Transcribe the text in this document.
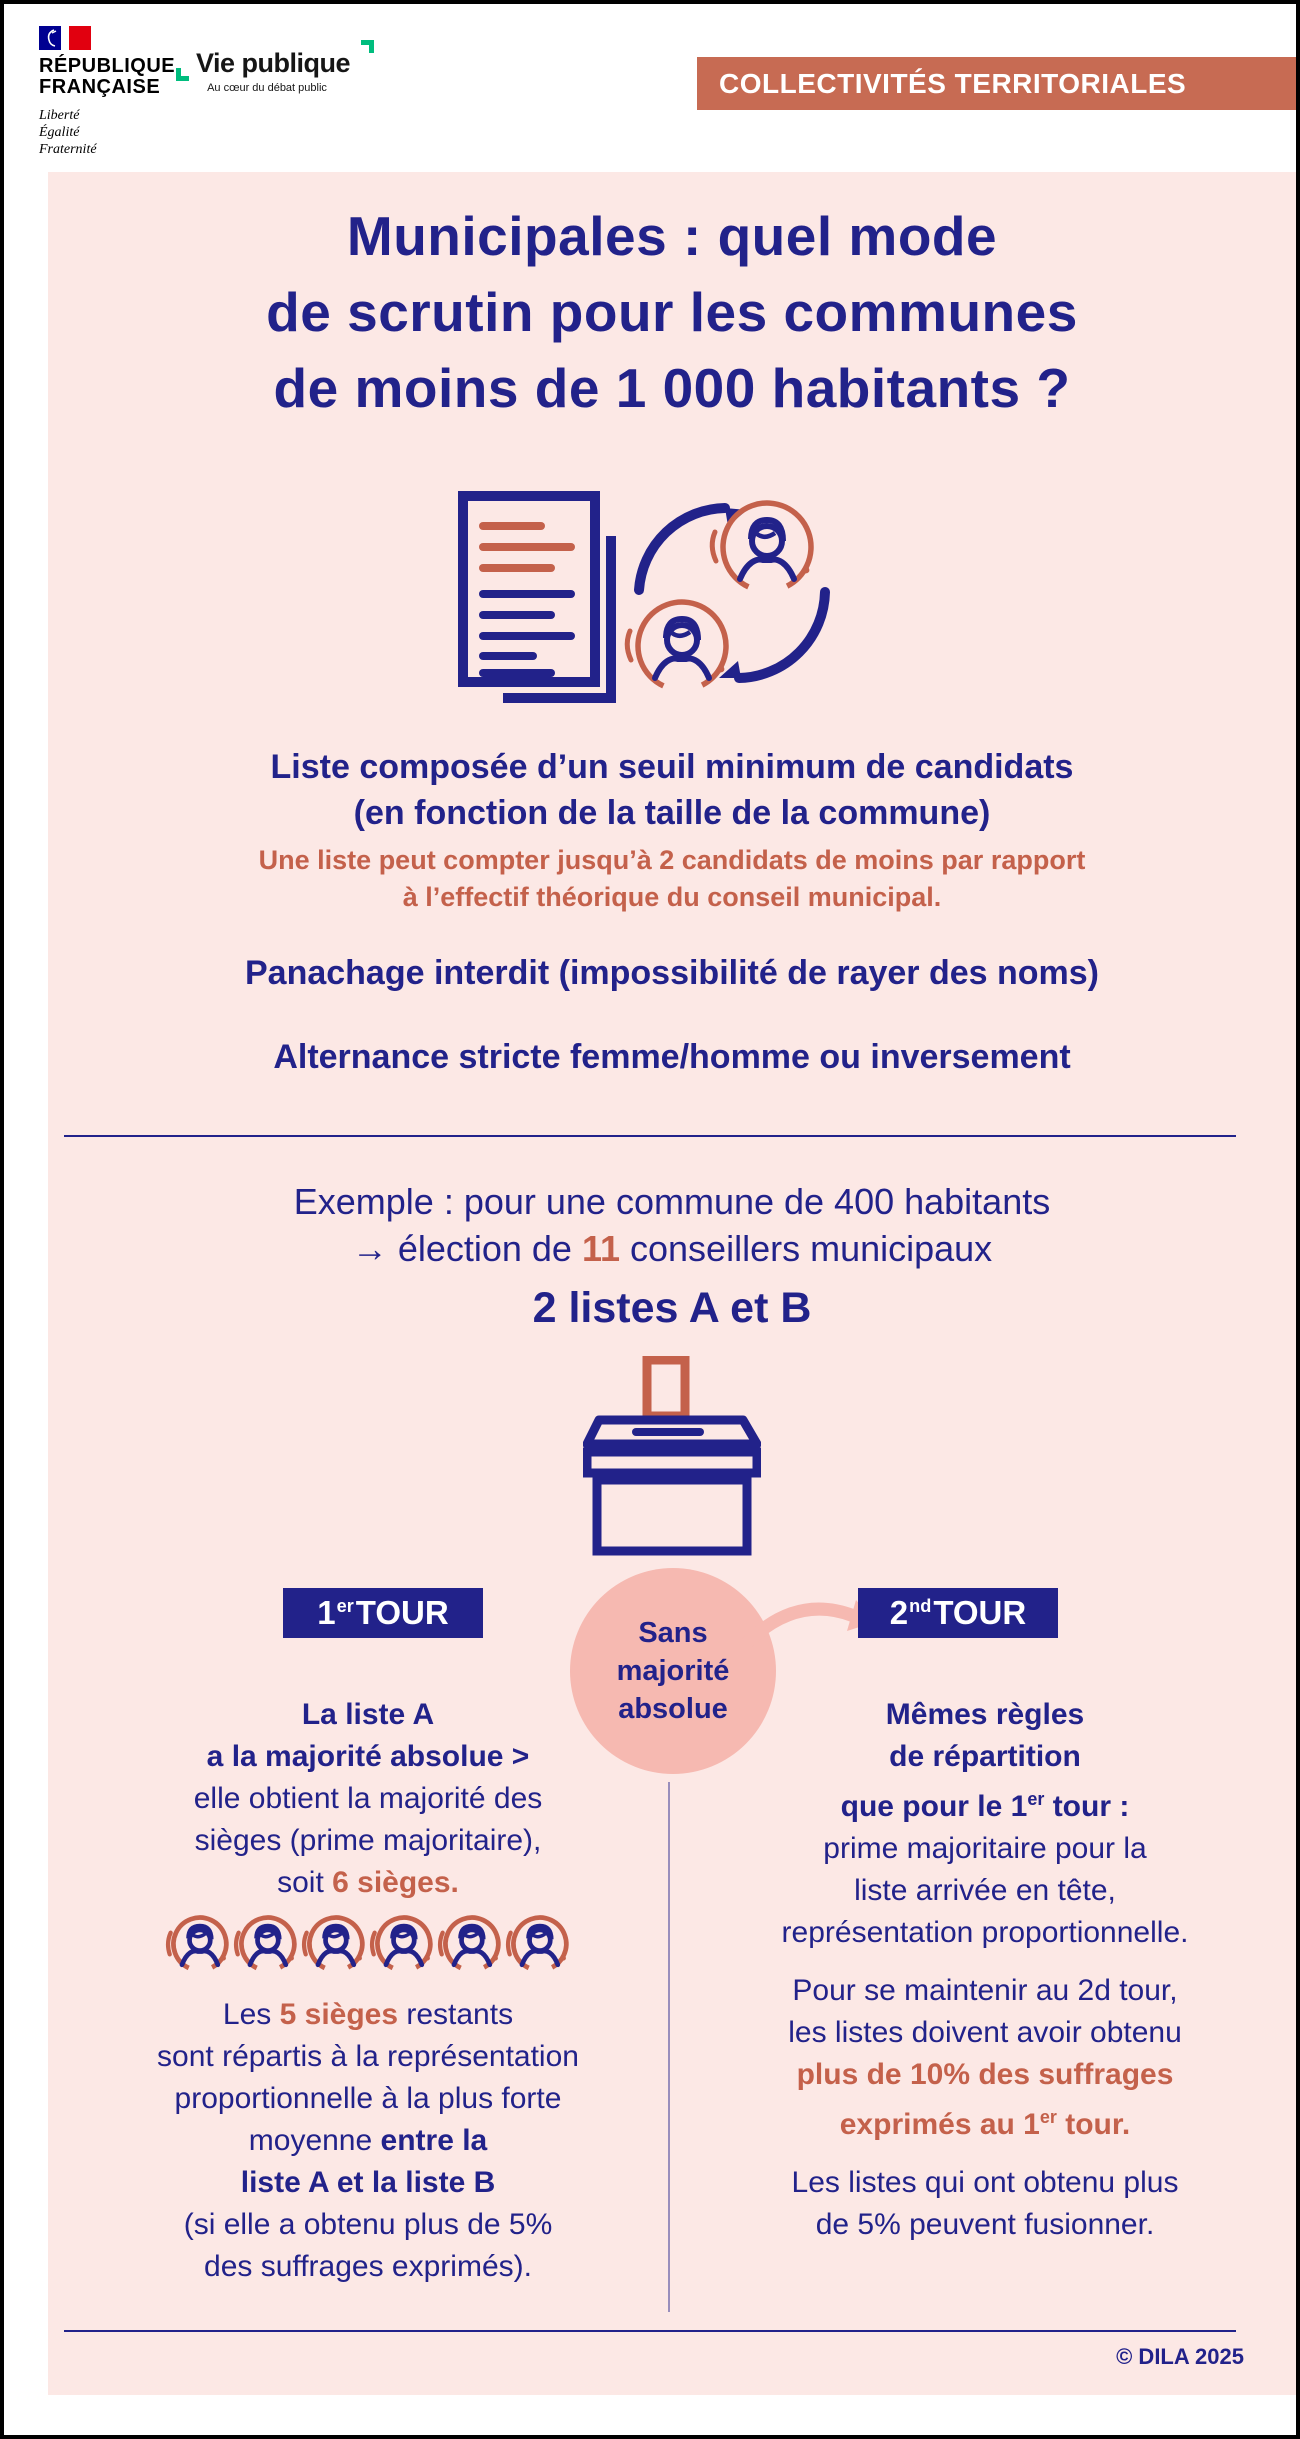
RÉPUBLIQUE
FRANÇAISE
Liberté
Égalité
Fraternité
Vie publique
Au cœur du débat public	COLLECTIVITÉS TERRITORIALES
Municipales : quel mode
de scrutin pour les communes
de moins de 1 000 habitants ?
Liste composée d’un seuil minimum de candidats
(en fonction de la taille de la commune)
Une liste peut compter jusqu’à 2 candidats de moins par rapport
à l’effectif théorique du conseil municipal.
Panachage interdit (impossibilité de rayer des noms)
Alternance stricte femme/homme ou inversement
Exemple : pour une commune de 400 habitants
→ élection de 11 conseillers municipaux
2 listes A et B
1er TOUR
Sans
majorité
absolue
2nd TOUR
La liste A
a la majorité absolue >
elle obtient la majorité des
sièges (prime majoritaire),
soit 6 sièges.
Les 5 sièges restants
sont répartis à la représentation
proportionnelle à la plus forte
moyenne entre la
liste A et la liste B
(si elle a obtenu plus de 5%
des suffrages exprimés).
Mêmes règles
de répartition
que pour le 1er tour :
prime majoritaire pour la
liste arrivée en tête,
représentation proportionnelle.
Pour se maintenir au 2d tour,
les listes doivent avoir obtenu
plus de 10% des suffrages
exprimés au 1er tour.
Les listes qui ont obtenu plus
de 5% peuvent fusionner.
© DILA 2025
